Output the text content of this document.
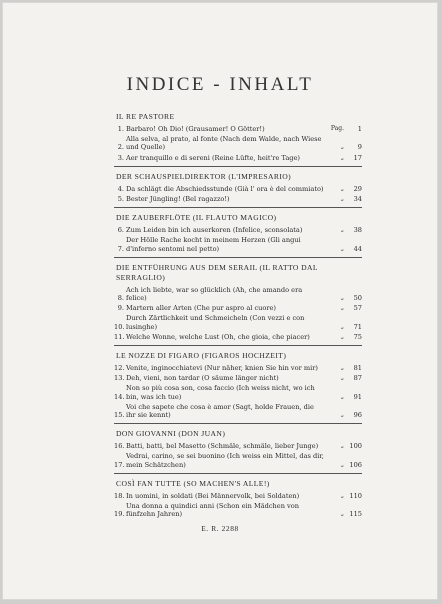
INDICE - INHALT
IL RE PASTORE
1. Barbaro! Oh Dio! (Grausamer! O Götter!)	Pag.	1
2.
Alla selva, al prato, al fonte (Nach dem Walde, nach Wiese und Quelle)	„	9
3. Aer tranquillo e di sereni (Reine Lüfte, heit're Tage)	„	17
DER SCHAUSPIELDIREKTOR (L'IMPRESARIO)
4. Da schlägt die Abschiedsstunde (Già l' ora è del commiato)	„	29
5. Bester Jüngling! (Bel ragazzo!)	„	34
DIE ZAUBERFLÖTE (IL FLAUTO MAGICO)
6. Zum Leiden bin ich auserkoren (Infelice, sconsolata)	„	38
7.
Der Hölle Rache kocht in meinem Herzen (Gli angui d'inferno sentomi nel petto)	„	44
DIE ENTFÜHRUNG AUS DEM SERAIL (IL RATTO DAL SERRAGLIO)
8.
Ach ich liebte, war so glücklich (Ah, che amando era felice)	„	50
9. Martern aller Arten (Che pur aspro al cuore)	„	57
10.
Durch Zärtlichkeit und Schmeicheln (Con vezzi e con lusinghe)	„	71
11. Welche Wonne, welche Lust (Oh, che gioia, che piacer)	„	75
LE NOZZE DI FIGARO (FIGAROS HOCHZEIT)
12. Venite, inginocchiatevi (Nur näher, knien Sie hin vor mir)	„	81
13. Deh, vieni, non tardar (O säume länger nicht)	„	87
14.
Non so più cosa son, cosa faccio (Ich weiss nicht, wo ich bin, was ich tue)	„	91
15.
Voi che sapete che cosa è amor (Sagt, holde Frauen, die ihr sie kennt)	„	96
DON GIOVANNI (DON JUAN)
16. Batti, batti, bel Masetto (Schmäle, schmäle, lieber Junge)	„ 100
17.
Vedrai, carino, se sei buonino (Ich weiss ein Mittel, das dir, mein Schätzchen)	„ 106
COSÌ FAN TUTTE (SO MACHEN'S ALLE!)
18. In uomini, in soldati (Bei Männervolk, bei Soldaten)	„ 110
19.
Una donna a quindici anni (Schon ein Mädchen von fünfzehn Jahren)	„ 115
E. R. 2288
